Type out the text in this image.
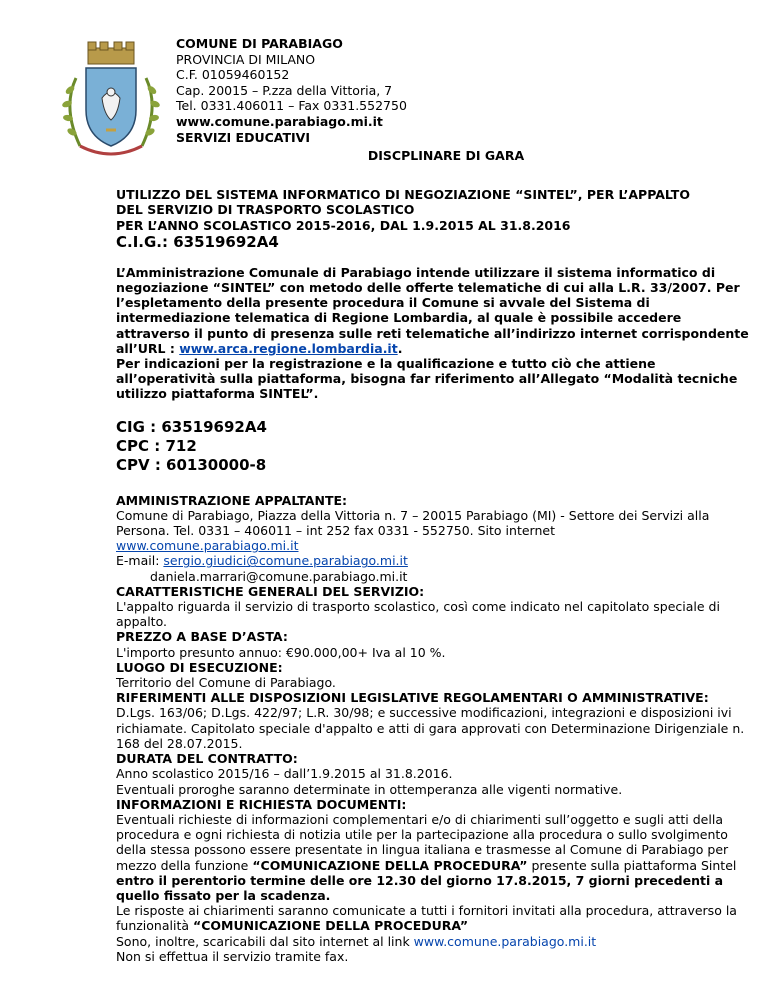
COMUNE DI PARABIAGO
PROVINCIA DI MILANO
C.F. 01059460152
Cap. 20015 – P.zza della Vittoria, 7
Tel. 0331.406011 – Fax 0331.552750
www.comune.parabiago.mi.it
SERVIZI EDUCATIVI

DISCPLINARE DI GARA

UTILIZZO DEL SISTEMA INFORMATICO DI NEGOZIAZIONE “SINTEL”, PER L’APPALTO
DEL SERVIZIO DI TRASPORTO SCOLASTICO
PER L’ANNO SCOLASTICO 2015-2016, DAL 1.9.2015 AL 31.8.2016
C.I.G.: 63519692A4

L’Amministrazione Comunale di Parabiago intende utilizzare il sistema informatico di negoziazione “SINTEL” con metodo delle offerte telematiche di cui alla L.R. 33/2007. Per l’espletamento della presente procedura il Comune si avvale del Sistema di intermediazione telematica di Regione Lombardia, al quale è possibile accedere attraverso il punto di presenza sulle reti telematiche all’indirizzo internet corrispondente all’URL : www.arca.regione.lombardia.it.

Per indicazioni per la registrazione e la qualificazione e tutto ciò che attiene all’operatività sulla piattaforma, bisogna far riferimento all’Allegato “Modalità tecniche utilizzo piattaforma SINTEL”.

CIG : 63519692A4
CPC : 712
CPV : 60130000-8

AMMINISTRAZIONE APPALTANTE:

Comune di Parabiago, Piazza della Vittoria n. 7 – 20015 Parabiago (MI) - Settore dei Servizi alla Persona. Tel. 0331 – 406011 – int 252 fax 0331 - 552750. Sito internet

www.comune.parabiago.mi.it

E-mail: sergio.giudici@comune.parabiago.mi.it

daniela.marrari@comune.parabiago.mi.it

CARATTERISTICHE GENERALI DEL SERVIZIO:

L'appalto riguarda il servizio di trasporto scolastico, così come indicato nel capitolato speciale di appalto.

PREZZO A BASE D’ASTA:

L'importo presunto annuo: €90.000,00+ Iva al 10 %.

LUOGO DI ESECUZIONE:

Territorio del Comune di Parabiago.

RIFERIMENTI ALLE DISPOSIZIONI LEGISLATIVE REGOLAMENTARI O AMMINISTRATIVE:

D.Lgs. 163/06; D.Lgs. 422/97; L.R. 30/98; e successive modificazioni, integrazioni e disposizioni ivi richiamate. Capitolato speciale d'appalto e atti di gara approvati con Determinazione Dirigenziale n. 168 del 28.07.2015.

DURATA DEL CONTRATTO:

Anno scolastico 2015/16 – dall’1.9.2015 al 31.8.2016.

Eventuali proroghe saranno determinate in ottemperanza alle vigenti normative.

INFORMAZIONI E RICHIESTA DOCUMENTI:

Eventuali richieste di informazioni complementari e/o di chiarimenti sull’oggetto e sugli atti della procedura e ogni richiesta di notizia utile per la partecipazione alla procedura o sullo svolgimento della stessa possono essere presentate in lingua italiana e trasmesse al Comune di Parabiago per mezzo della funzione “COMUNICAZIONE DELLA PROCEDURA” presente sulla piattaforma Sintel entro il perentorio termine delle ore 12.30 del giorno 17.8.2015, 7 giorni precedenti a quello fissato per la scadenza.

Le risposte ai chiarimenti saranno comunicate a tutti i fornitori invitati alla procedura, attraverso la funzionalità “COMUNICAZIONE DELLA PROCEDURA”

Sono, inoltre, scaricabili dal sito internet al link www.comune.parabiago.mi.it

Non si effettua il servizio tramite fax.
